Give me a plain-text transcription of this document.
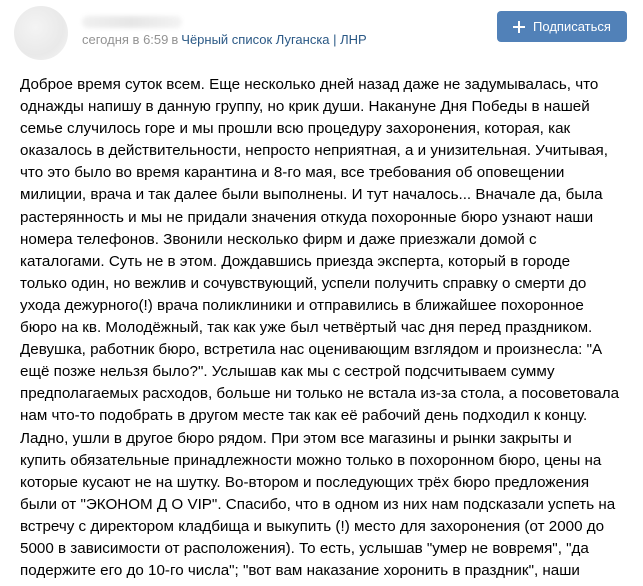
сегодня в 6:59 в Чёрный список Луганска | ЛНР
Подписаться
Доброе время суток всем. Еще несколько дней назад даже не задумывалась, что
однажды напишу в данную группу, но крик души. Накануне Дня Победы в нашей
семье случилось горе и мы прошли всю процедуру захоронения, которая, как
оказалось в действительности, непросто неприятная, а и унизительная. Учитывая,
что это было во время карантина и 8-го мая, все требования об оповещении
милиции, врача и так далее были выполнены. И тут началось... Вначале да, была
растерянность и мы не придали значения откуда похоронные бюро узнают наши
номера телефонов. Звонили несколько фирм и даже приезжали домой с
каталогами. Суть не в этом. Дождавшись приезда эксперта, который в городе
только один, но вежлив и сочувствующий, успели получить справку о смерти до
ухода дежурного(!) врача поликлиники и отправились в ближайшее похоронное
бюро на кв. Молодёжный, так как уже был четвёртый час дня перед праздником.
Девушка, работник бюро, встретила нас оценивающим взглядом и произнесла: "А
ещё позже нельзя было?". Услышав как мы с сестрой подсчитываем сумму
предполагаемых расходов, больше ни только не встала из-за стола, а посоветовала
нам что-то подобрать в другом месте так как её рабочий день подходил к концу.
Ладно, ушли в другое бюро рядом. При этом все магазины и рынки закрыты и
купить обязательные принадлежности можно только в похоронном бюро, цены на
которые кусают не на шутку. Во-втором и последующих трёх бюро предложения
были от "ЭКОНОМ Д О VIP". Спасибо, что в одном из них нам подсказали успеть на
встречу с директором кладбища и выкупить (!) место для захоронения (от 2000 до
5000 в зависимости от расположения). То есть, услышав "умер не вовремя", "да
подержите его до 10-го числа"; "вот вам наказание хоронить в праздник", наши
